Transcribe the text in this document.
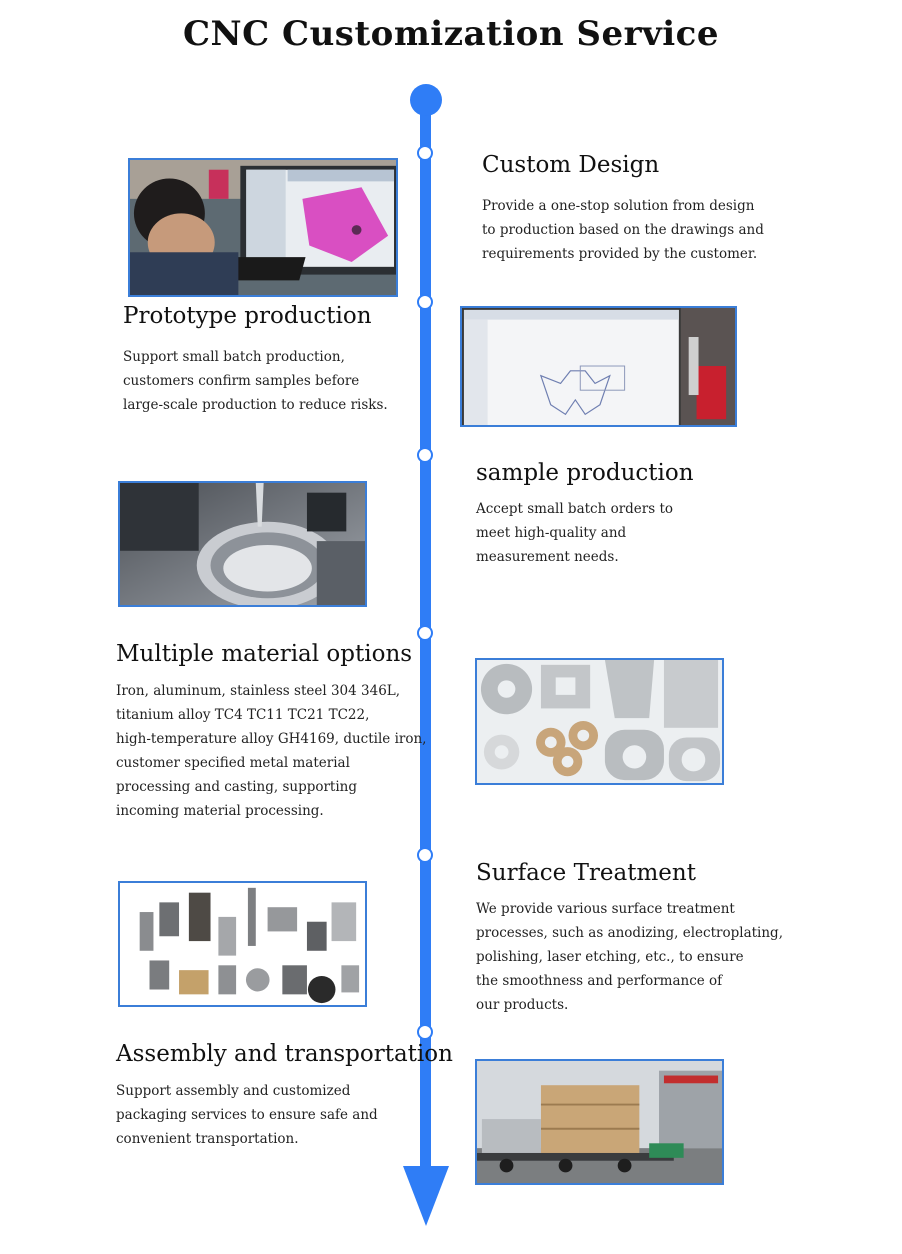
CNC Customization Service
Custom Design
Provide a one-stop solution from design
to production based on the drawings and
requirements provided by the customer.
Prototype production
Support small batch production,
customers confirm samples before
large-scale production to reduce risks.
sample production
Accept small batch orders to
meet high-quality and
measurement needs.
Multiple material options
Iron, aluminum, stainless steel 304 346L,
titanium alloy TC4 TC11 TC21 TC22,
high-temperature alloy GH4169, ductile iron,
customer specified metal material
processing and casting, supporting
incoming material processing.
Surface Treatment
We provide various surface treatment
processes, such as anodizing, electroplating,
polishing, laser etching, etc., to ensure
the smoothness and performance of
our products.
Assembly and transportation
Support assembly and customized
packaging services to ensure safe and
convenient transportation.
